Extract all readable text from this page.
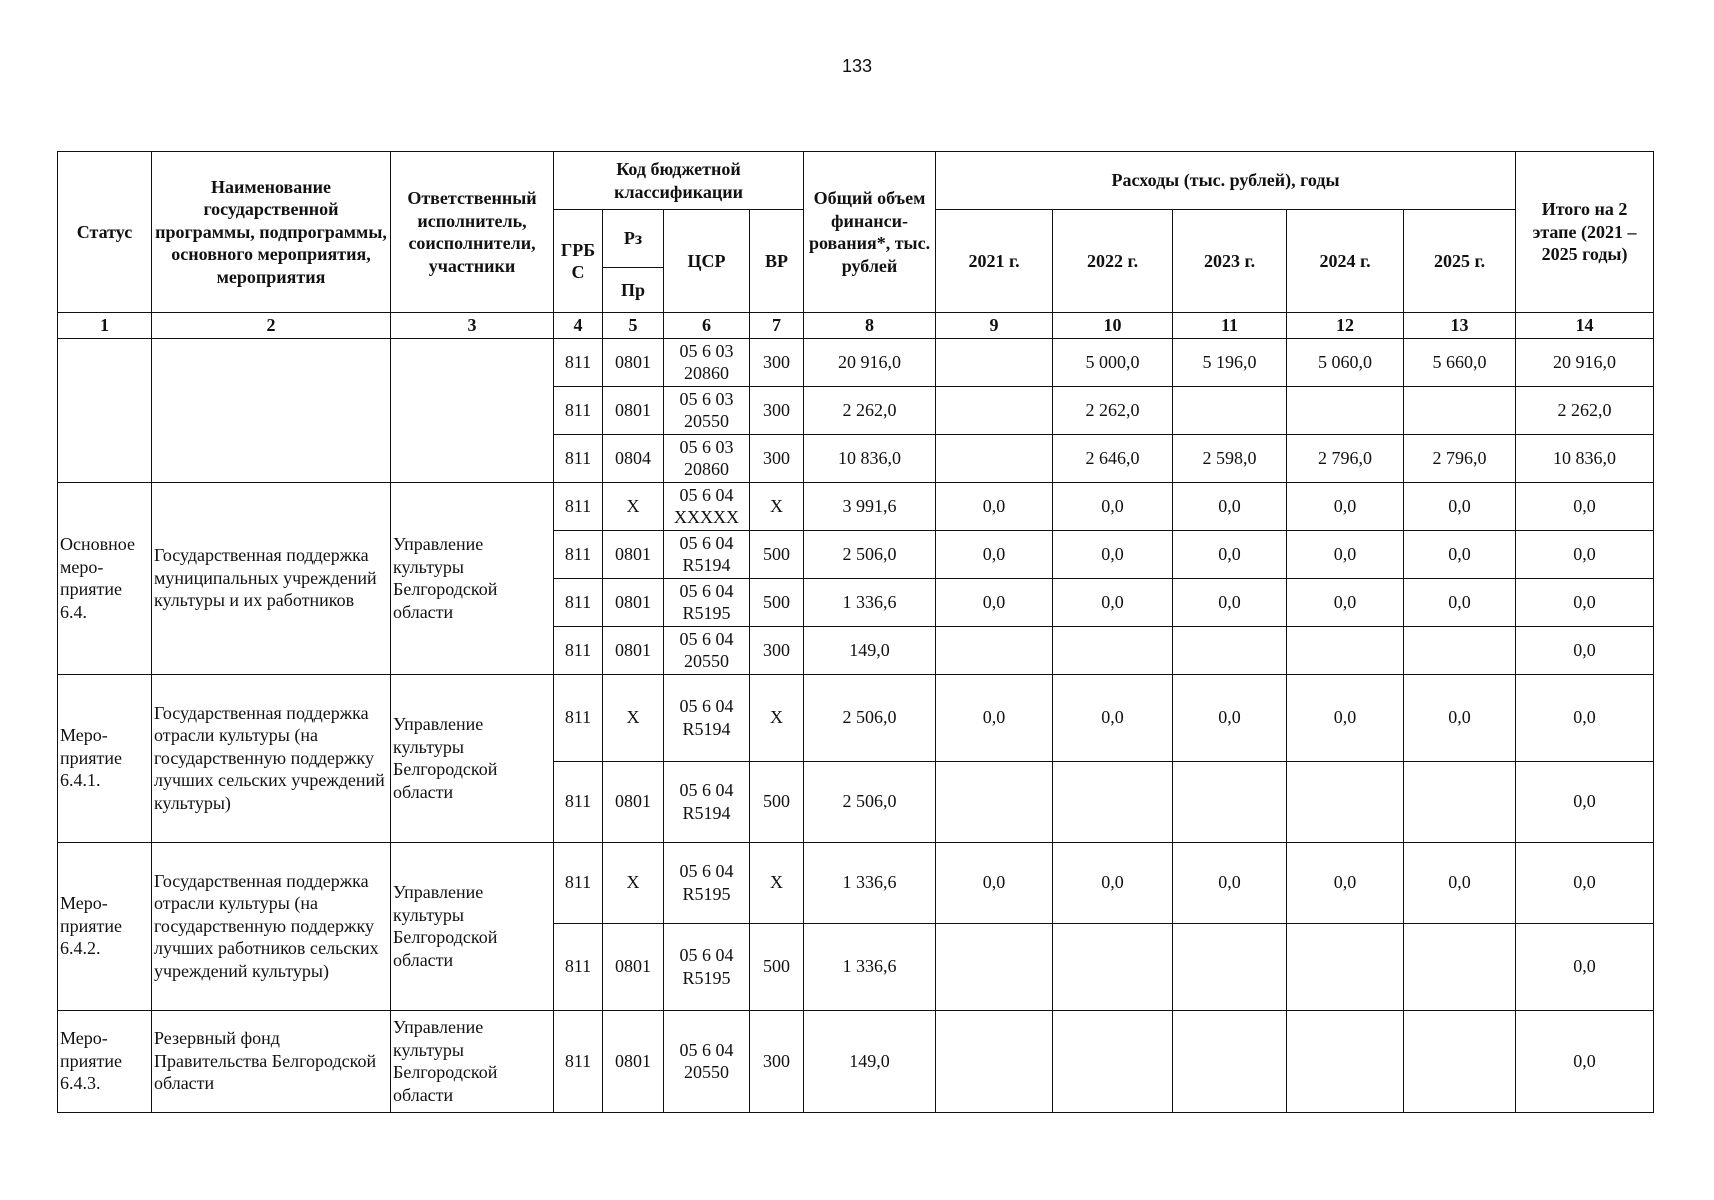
133
Статус	Наименование государственной программы, подпрограммы, основного мероприятия, мероприятия	Ответственный исполнитель, соисполнители, участники	Код бюджетной классификации				Общий объем финанси-рования*, тыс. рублей	Расходы (тыс. рублей), годы					Итого на 2 этапе (2021 – 2025 годы)
			ГРБ С	Рз	ЦСР	ВР		2021 г.	2022 г.	2023 г.	2024 г.	2025 г.	
				Пр									
1	2	3	4	5	6	7	8	9	10	11	12	13	14
			811	0801	05 6 03 20860	300	20 916,0		5 000,0	5 196,0	5 060,0	5 660,0	20 916,0
			811	0801	05 6 03 20550	300	2 262,0		2 262,0				2 262,0
			811	0804	05 6 03 20860	300	10 836,0		2 646,0	2 598,0	2 796,0	2 796,0	10 836,0
Основное меро-приятие 6.4.	Государственная поддержка муниципальных учреждений культуры и их работников	Управление культуры Белгородской области	811	Х	05 6 04 ХХХХХ	Х	3 991,6	0,0	0,0	0,0	0,0	0,0	0,0
			811	0801	05 6 04 R5194	500	2 506,0	0,0	0,0	0,0	0,0	0,0	0,0
			811	0801	05 6 04 R5195	500	1 336,6	0,0	0,0	0,0	0,0	0,0	0,0
			811	0801	05 6 04 20550	300	149,0						0,0
Меро-приятие 6.4.1.	Государственная поддержка отрасли культуры (на государственную поддержку лучших сельских учреждений культуры)	Управление культуры Белгородской области	811	Х	05 6 04 R5194	Х	2 506,0	0,0	0,0	0,0	0,0	0,0	0,0
			811	0801	05 6 04 R5194	500	2 506,0						0,0
Меро-приятие 6.4.2.	Государственная поддержка отрасли культуры (на государственную поддержку лучших работников сельских учреждений культуры)	Управление культуры Белгородской области	811	Х	05 6 04 R5195	Х	1 336,6	0,0	0,0	0,0	0,0	0,0	0,0
			811	0801	05 6 04 R5195	500	1 336,6						0,0
Меро-приятие 6.4.3.	Резервный фонд Правительства Белгородской области	Управление культуры Белгородской области	811	0801	05 6 04 20550	300	149,0						0,0
